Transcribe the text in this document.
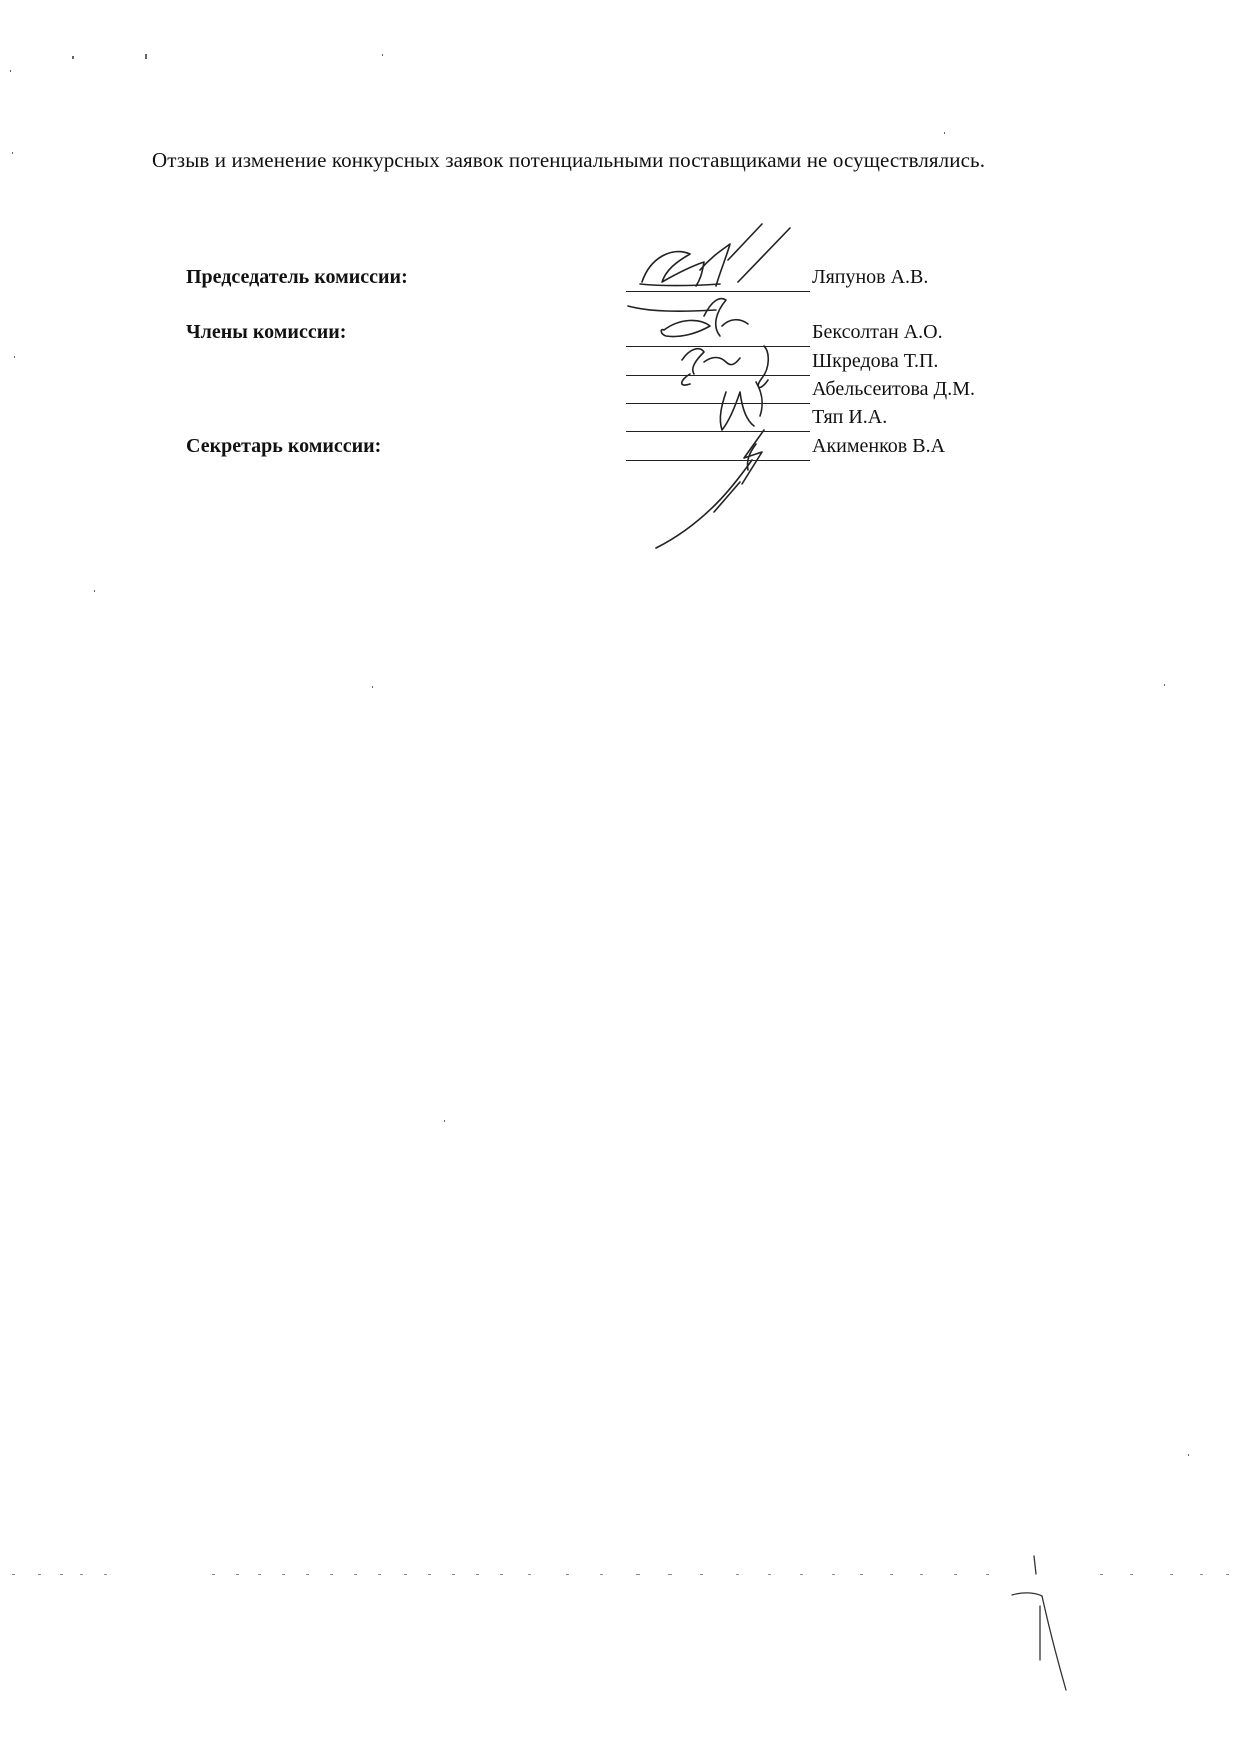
Отзыв и изменение конкурсных заявок потенциальными поставщиками не осуществлялись.
Председатель комиссии:
Члены комиссии:
Секретарь комиссии:
Ляпунов А.В.
Бексолтан А.О.
Шкредова Т.П.
Абельсеитова Д.М.
Тяп И.А.
Акименков В.А
